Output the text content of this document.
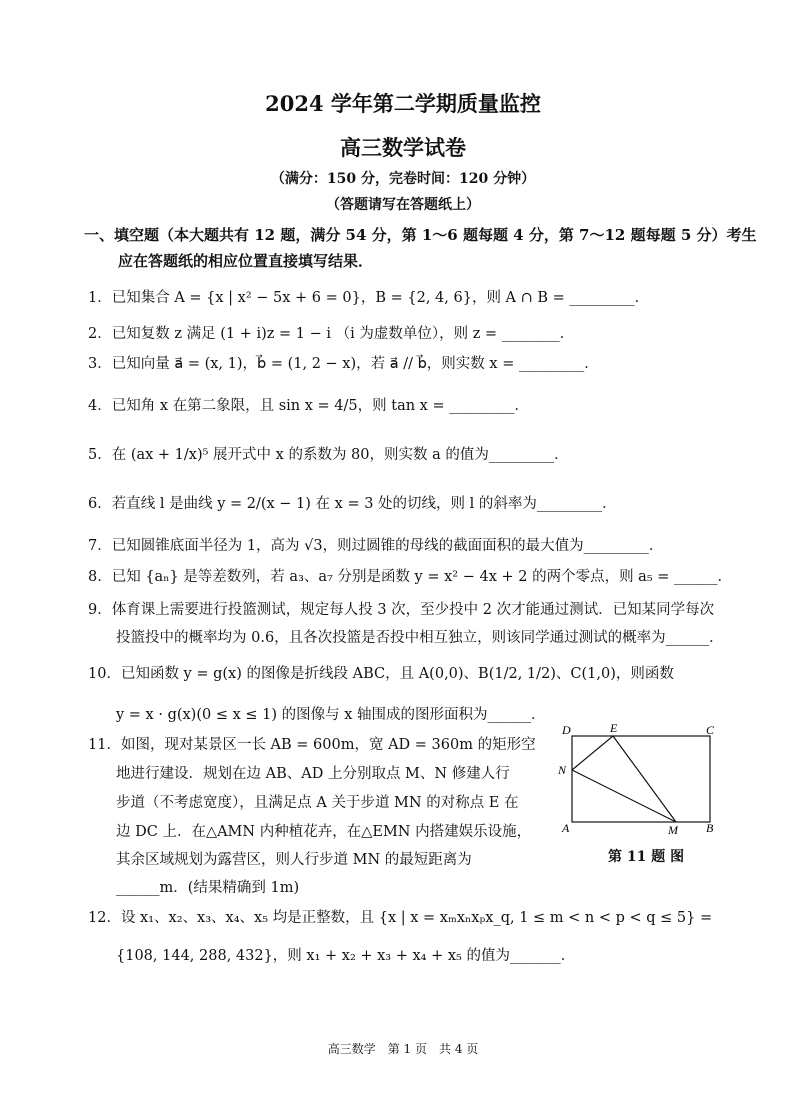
2024 学年第二学期质量监控
高三数学试卷
（满分：150 分，完卷时间：120 分钟）
（答题请写在答题纸上）
一、填空题（本大题共有 12 题，满分 54 分，第 1～6 题每题 4 分，第 7～12 题每题 5 分）考生
应在答题纸的相应位置直接填写结果．
1．已知集合 A = {x | x² − 5x + 6 = 0}，B = {2, 4, 6}，则 A ∩ B = _________．
2．已知复数 z 满足 (1 + i)z = 1 − i （i 为虚数单位），则 z = ________．
3．已知向量 a⃗ = (x, 1)，b⃗ = (1, 2 − x)，若 a⃗ // b⃗，则实数 x = _________．
4．已知角 x 在第二象限，且 sin x = 4/5，则 tan x = _________．
5．在 (ax + 1/x)⁵ 展开式中 x 的系数为 80，则实数 a 的值为_________．
6．若直线 l 是曲线 y = 2/(x − 1) 在 x = 3 处的切线，则 l 的斜率为_________．
7．已知圆锥底面半径为 1，高为 √3，则过圆锥的母线的截面面积的最大值为_________．
8．已知 {aₙ} 是等差数列，若 a₃、a₇ 分别是函数 y = x² − 4x + 2 的两个零点，则 a₅ = ______．
9．体育课上需要进行投篮测试，规定每人投 3 次，至少投中 2 次才能通过测试．已知某同学每次
投篮投中的概率均为 0.6，且各次投篮是否投中相互独立，则该同学通过测试的概率为______．
10．已知函数 y = g(x) 的图像是折线段 ABC，且 A(0,0)、B(1/2, 1/2)、C(1,0)，则函数
y = x · g(x)(0 ≤ x ≤ 1) 的图像与 x 轴围成的图形面积为______．
11．如图，现对某景区一长 AB = 600m，宽 AD = 360m 的矩形空
地进行建设．规划在边 AB、AD 上分别取点 M、N 修建人行
步道（不考虑宽度），且满足点 A 关于步道 MN 的对称点 E 在
边 DC 上．在△AMN 内种植花卉，在△EMN 内搭建娱乐设施，
其余区域规划为露营区，则人行步道 MN 的最短距离为
______m．(结果精确到 1m)
D	E	C
N
A	M B
第 11 题 图
12．设 x₁、x₂、x₃、x₄、x₅ 均是正整数，且 {x | x = xₘxₙxₚx_q, 1 ≤ m < n < p < q ≤ 5} =
{108, 144, 288, 432}，则 x₁ + x₂ + x₃ + x₄ + x₅ 的值为_______．
高三数学　第 1 页　共 4 页
